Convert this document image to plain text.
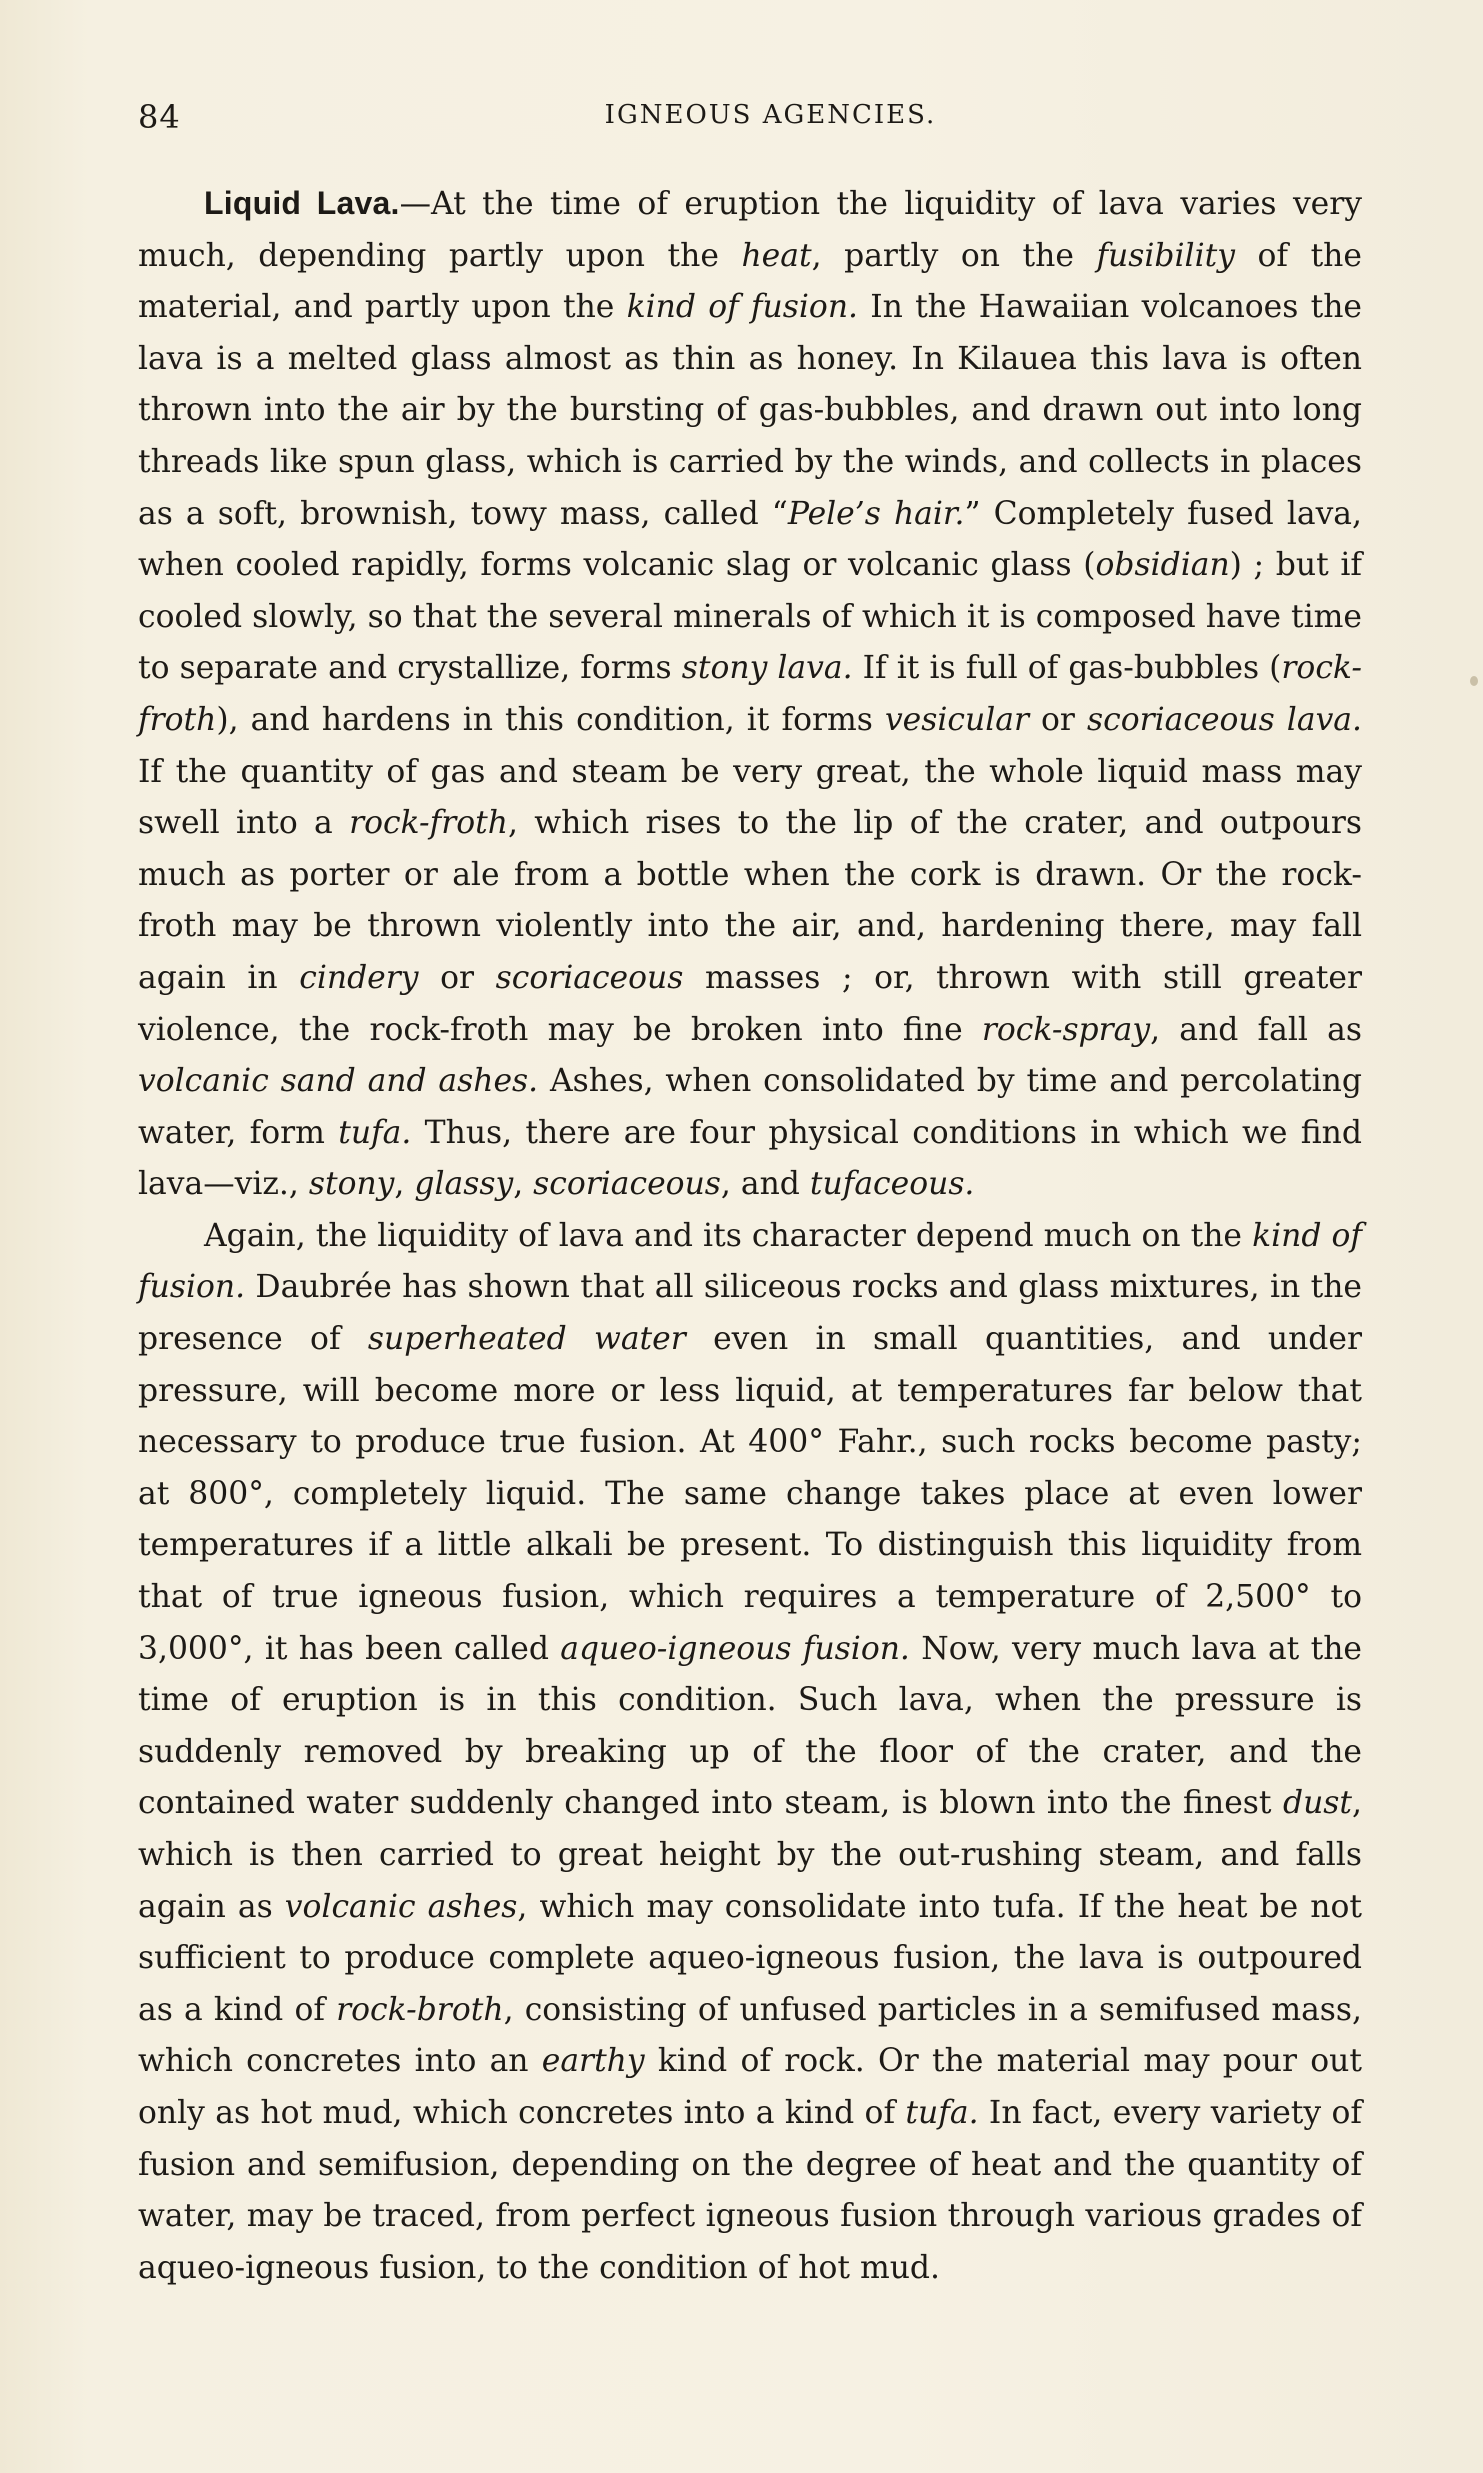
84	IGNEOUS AGENCIES.

Liquid Lava.—At the time of eruption the liquidity of lava varies very much, depending partly upon the heat, partly on the fusibility of the material, and partly upon the kind of fusion. In the Hawaiian volcanoes the lava is a melted glass almost as thin as honey. In Kilauea this lava is often thrown into the air by the bursting of gas-bubbles, and drawn out into long threads like spun glass, which is carried by the winds, and collects in places as a soft, brownish, towy mass, called “Pele’s hair.” Completely fused lava, when cooled rapidly, forms volcanic slag or volcanic glass (obsidian) ; but if cooled slowly, so that the several minerals of which it is composed have time to separate and crystallize, forms stony lava. If it is full of gas-bubbles (rock-froth), and hardens in this condition, it forms vesicular or scoriaceous lava. If the quantity of gas and steam be very great, the whole liquid mass may swell into a rock-froth, which rises to the lip of the crater, and outpours much as porter or ale from a bottle when the cork is drawn. Or the rock-froth may be thrown violently into the air, and, hardening there, may fall again in cindery or scoriaceous masses ; or, thrown with still greater violence, the rock-froth may be broken into fine rock-spray, and fall as volcanic sand and ashes. Ashes, when consolidated by time and percolating water, form tufa. Thus, there are four physical conditions in which we find lava—viz., stony, glassy, scoriaceous, and tufaceous.

Again, the liquidity of lava and its character depend much on the kind of fusion. Daubrée has shown that all siliceous rocks and glass mixtures, in the presence of superheated water even in small quantities, and under pressure, will become more or less liquid, at temperatures far below that necessary to produce true fusion. At 400° Fahr., such rocks become pasty; at 800°, completely liquid. The same change takes place at even lower temperatures if a little alkali be present. To distinguish this liquidity from that of true igneous fusion, which requires a temperature of 2,500° to 3,000°, it has been called aqueo-igneous fusion. Now, very much lava at the time of eruption is in this condition. Such lava, when the pressure is suddenly removed by breaking up of the floor of the crater, and the contained water suddenly changed into steam, is blown into the finest dust, which is then carried to great height by the out-rushing steam, and falls again as volcanic ashes, which may consolidate into tufa. If the heat be not sufficient to produce complete aqueo-igneous fusion, the lava is outpoured as a kind of rock-broth, consisting of unfused particles in a semifused mass, which concretes into an earthy kind of rock. Or the material may pour out only as hot mud, which concretes into a kind of tufa. In fact, every variety of fusion and semifusion, depending on the degree of heat and the quantity of water, may be traced, from perfect igneous fusion through various grades of aqueo-igneous fusion, to the condition of hot mud.
